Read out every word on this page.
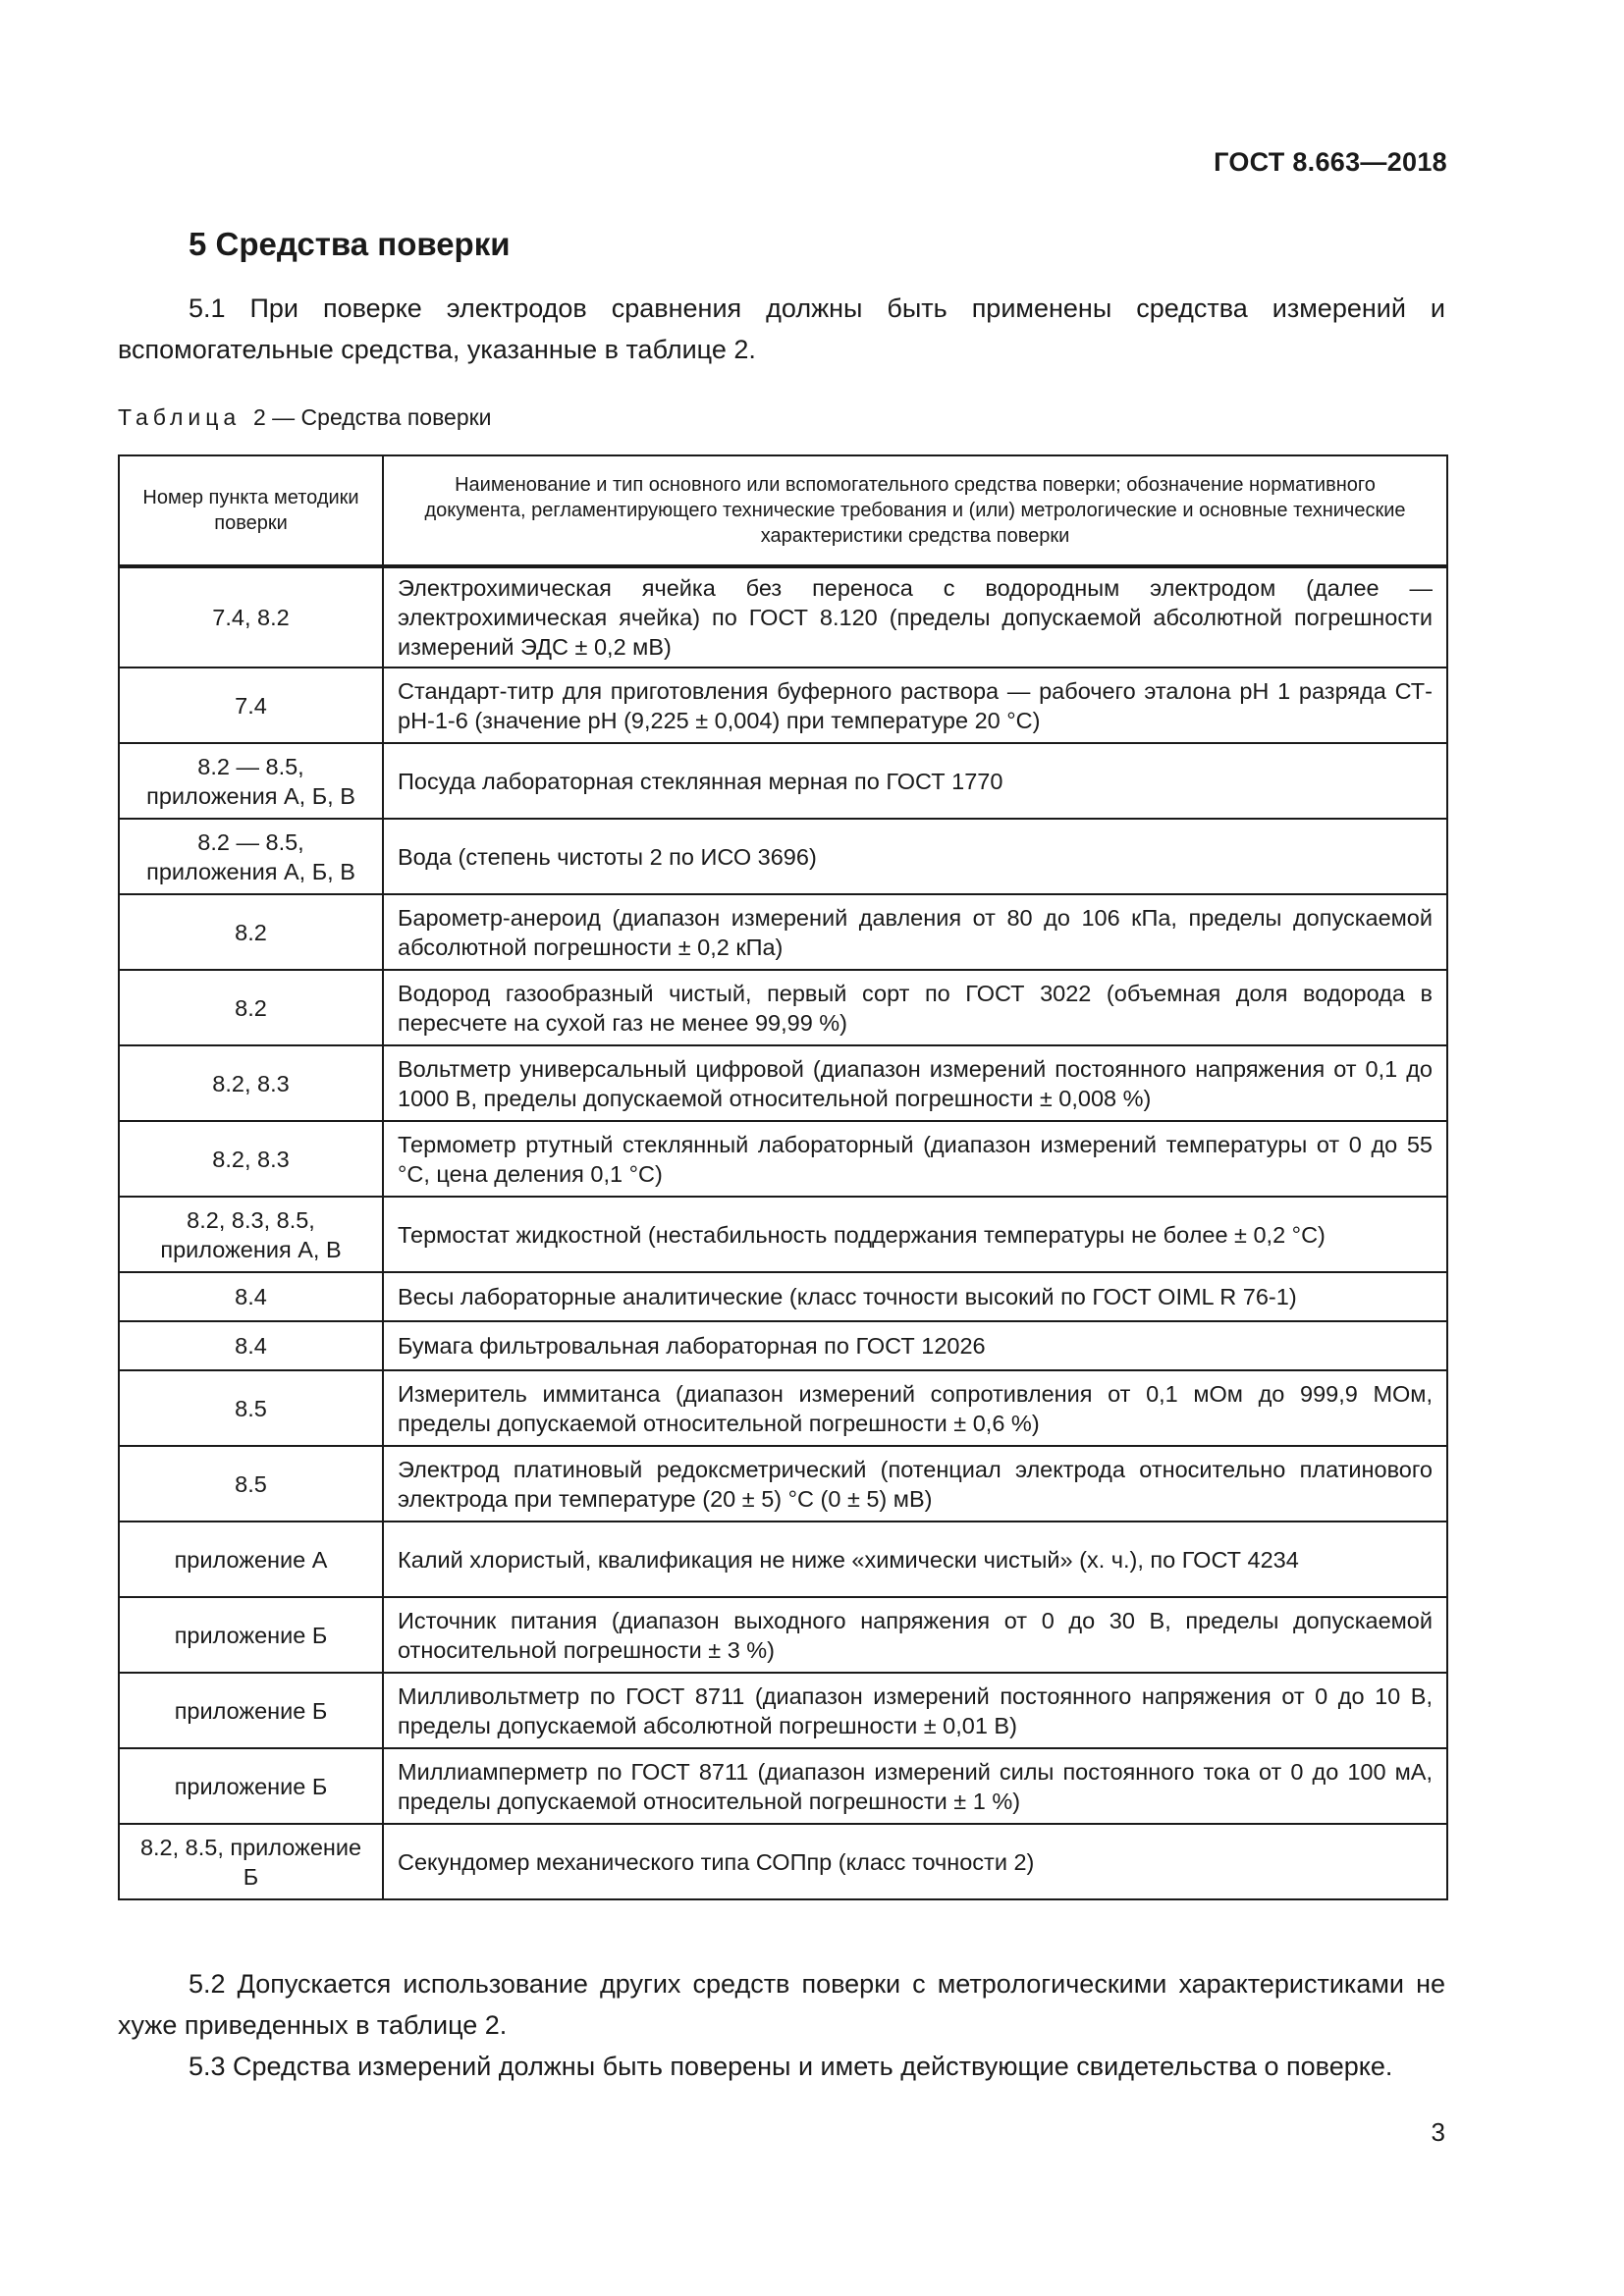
ГОСТ 8.663—2018
5 Средства поверки
5.1 При поверке электродов сравнения должны быть применены средства измерений и вспомогательные средства, указанные в таблице 2.
Таблица 2 — Средства поверки
Номер пункта методики поверки	Наименование и тип основного или вспомогательного средства поверки; обозначение нормативного документа, регламентирующего технические требования и (или) метрологические и основные технические характеристики средства поверки
7.4, 8.2	Электрохимическая ячейка без переноса с водородным электродом (далее — электрохимическая ячейка) по ГОСТ 8.120 (пределы допускаемой абсолютной погрешности измерений ЭДС ± 0,2 мВ)
7.4	Стандарт-титр для приготовления буферного раствора — рабочего эталона pH 1 разряда СТ-pH-1-6 (значение pH (9,225 ± 0,004) при температуре 20 °C)
8.2 — 8.5, приложения А, Б, В	Посуда лабораторная стеклянная мерная по ГОСТ 1770
8.2 — 8.5, приложения А, Б, В	Вода (степень чистоты 2 по ИСО 3696)
8.2	Барометр-анероид (диапазон измерений давления от 80 до 106 кПа, пределы допускаемой абсолютной погрешности ± 0,2 кПа)
8.2	Водород газообразный чистый, первый сорт по ГОСТ 3022 (объемная доля водорода в пересчете на сухой газ не менее 99,99 %)
8.2, 8.3	Вольтметр универсальный цифровой (диапазон измерений постоянного напряжения от 0,1 до 1000 В, пределы допускаемой относительной погрешности ± 0,008 %)
8.2, 8.3	Термометр ртутный стеклянный лабораторный (диапазон измерений температуры от 0 до 55 °С, цена деления 0,1 °С)
8.2, 8.3, 8.5, приложения А, В	Термостат жидкостной (нестабильность поддержания температуры не более ± 0,2 °С)
8.4	Весы лабораторные аналитические (класс точности высокий по ГОСТ OIML R 76-1)
8.4	Бумага фильтровальная лабораторная по ГОСТ 12026
8.5	Измеритель иммитанса (диапазон измерений сопротивления от 0,1 мОм до 999,9 МОм, пределы допускаемой относительной погрешности ± 0,6 %)
8.5	Электрод платиновый редоксметрический (потенциал электрода относительно платинового электрода при температуре (20 ± 5) °С (0 ± 5) мВ)
приложение А	Калий хлористый, квалификация не ниже «химически чистый» (х. ч.), по ГОСТ 4234
приложение Б	Источник питания (диапазон выходного напряжения от 0 до 30 В, пределы допускаемой относительной погрешности ± 3 %)
приложение Б	Милливольтметр по ГОСТ 8711 (диапазон измерений постоянного напряжения от 0 до 10 В, пределы допускаемой абсолютной погрешности ± 0,01 В)
приложение Б	Миллиамперметр по ГОСТ 8711 (диапазон измерений силы постоянного тока от 0 до 100 мА, пределы допускаемой относительной погрешности ± 1 %)
8.2, 8.5, приложение Б	Секундомер механического типа СОПпр (класс точности 2)
5.2 Допускается использование других средств поверки с метрологическими характеристиками не хуже приведенных в таблице 2.
5.3 Средства измерений должны быть поверены и иметь действующие свидетельства о поверке.
3
